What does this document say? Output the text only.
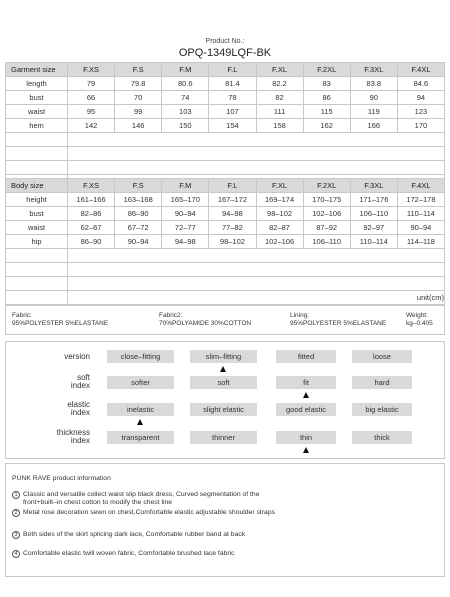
Product No.:
OPQ-1349LQF-BK
Garment size	F.XS	F.S	F.M	F.L	F.XL	F.2XL	F.3XL	F.4XL
length	79	79.8	80.6	81.4	82.2	83	83.8	84.6
bust	66	70	74	78	82	86	90	94
waist	95	99	103	107	111	115	119	123
hem	142	146	150	154	158	162	166	170

Body size	F.XS	F.S	F.M	F.L	F.XL	F.2XL	F.3XL	F.4XL
height	161–166	163–168	165–170	167–172	169–174	170–175	171–176	172–178
bust	82–86	86–90	90–94	94–98	98–102	102–106	106–110	110–114
waist	62–67	67–72	72–77	77–82	82–87	87–92	92–97	90–94
hip	86–90	90–94	94–98	98–102	102–106	106–110	110–114	114–118

	unit(cm)							
Fabric:
95%POLYESTER 5%ELASTANE
Fabric2:
70%POLYAMIDE 30%COTTON
Lining:
95%POLYESTER 5%ELASTANE
Weight:
kg–0.405
version	close–fitting	slim–fitting	fitted	loose
soft
index	softer	soft	fit	hard
elastic
index	inelastic	slight elastic	good elastic	big elastic
thickness
index	transparent	thinner	thin	thick
PUNK RAVE product information
1 Classic and versatile collect waist slip black dress, Curved segmentation of the
front+built–in chest cotton to modify the chest line
2 Metal rose decoration sewn on chest,Comfortable elastic adjustable shoulder straps
3 Both sides of the skirt splicing dark lace, Comfortable rubber band at back
4 Comfortable elastic twill woven fabric, Comfortable brushed lace fabric
